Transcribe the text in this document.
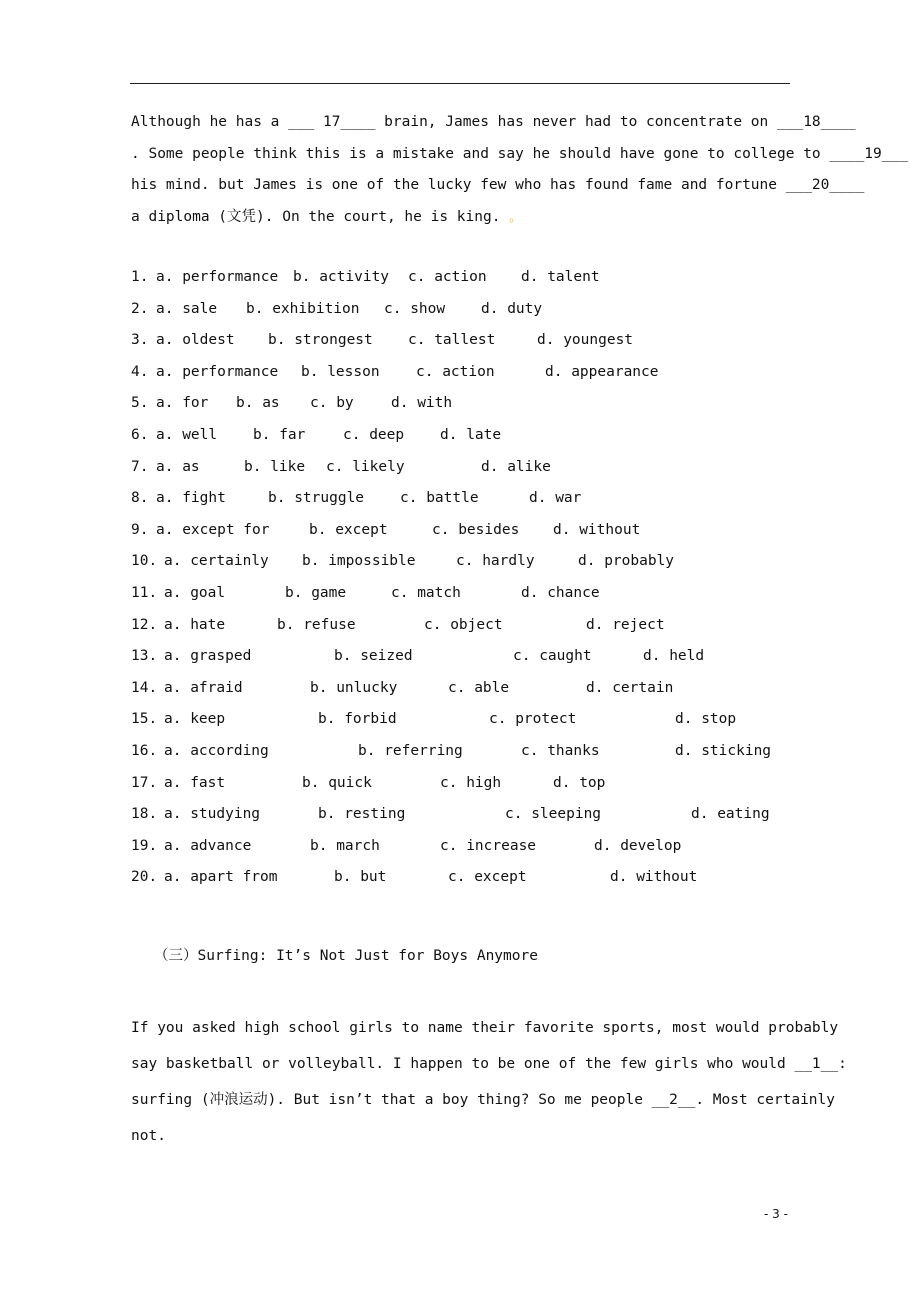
Although he has a ___ 17____ brain, James has never had to concentrate on ___18____
. Some people think this is a mistake and say he should have gone to college to ____19___
his mind. but James is one of the lucky few who has found fame and fortune ___20____
a diploma (文凭). On the court, he is king. 。
1. a. performance b. activity c. action d. talent
2. a. sale b. exhibition c. show d. duty
3. a. oldest b. strongest c. tallest	d. youngest
4. a. performance b. lesson	c. action	d. appearance
5. a. for b. as c. by	d. with
6. a. well b. far	c. deep d. late
7. a. as	b. like c. likely	d. alike
8. a. fight	b. struggle c. battle	d. war
9. a. except for	b. except	c. besides d. without
10. a. certainly b. impossible	c. hardly	d. probably
11. a. goal	b. game	c. match	d. chance
12. a. hate	b. refuse	c. object	d. reject
13. a. grasped	b. seized	c. caught	d. held
14. a. afraid	b. unlucky	c. able	d. certain
15. a. keep	b. forbid	c. protect	d. stop
16. a. according	b. referring	c. thanks	d. sticking
17. a. fast	b. quick	c. high	d. top
18. a. studying	b. resting	c. sleeping	d. eating
19. a. advance	b. march	c. increase	d. develop
20. a. apart from	b. but	c. except	d. without
（三）Surfing: It’s Not Just for Boys Anymore
If you asked high school girls to name their favorite sports, most would probably
say basketball or volleyball. I happen to be one of the few girls who would __1__:
surfing (冲浪运动). But isn’t that a boy thing? So me people __2__. Most certainly
not.
- 3 -
